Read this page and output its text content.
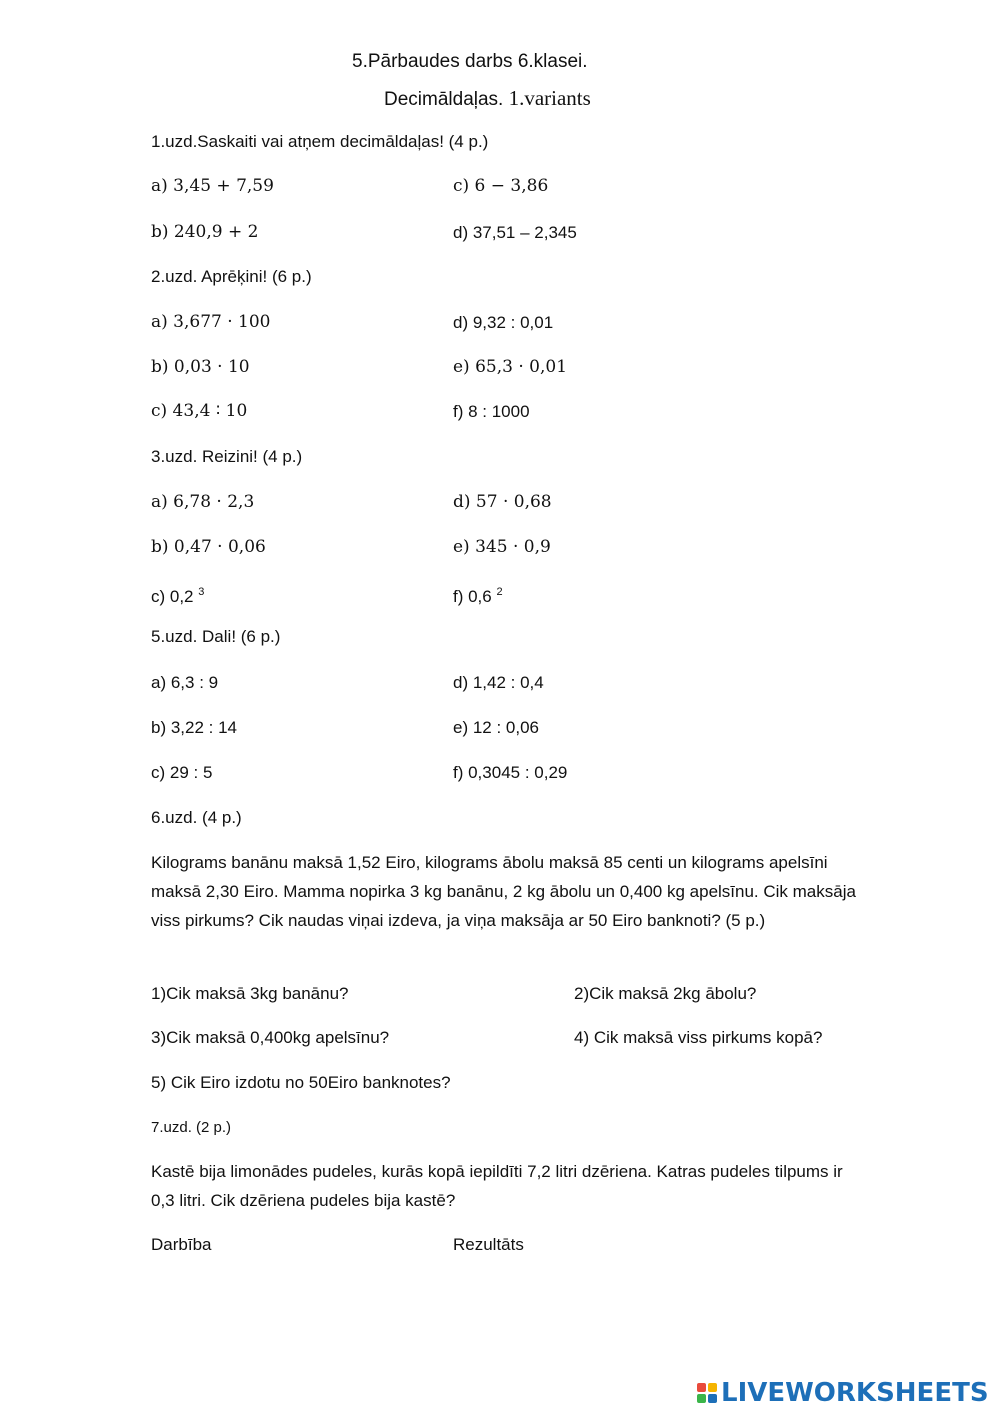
5.Pārbaudes darbs 6.klasei.
Decimāldaļas. 1.variants
1.uzd.Saskaiti vai atņem decimāldaļas! (4 p.)
a) 3,45 + 7,59	c) 6 − 3,86
b) 240,9 + 2	d) 37,51 – 2,345
2.uzd. Aprēķini! (6 p.)
a) 3,677 · 100	d) 9,32 : 0,01
b) 0,03 · 10	e) 65,3 · 0,01
c) 43,4 ∶ 10	f) 8 : 1000
3.uzd. Reizini! (4 p.)
a) 6,78 · 2,3	d) 57 · 0,68
b) 0,47 · 0,06	e) 345 · 0,9
c) 0,2 $^3$	f) 0,6 $^2$
5.uzd. Dali! (6 p.)
a) 6,3 : 9	d) 1,42 : 0,4
b) 3,22 : 14	e) 12 : 0,06
c) 29 : 5	f) 0,3045 : 0,29
6.uzd. (4 p.)
Kilograms banānu maksā 1,52 Eiro, kilograms ābolu maksā 85 centi un kilograms apelsīni maksā 2,30 Eiro. Mamma nopirka 3 kg banānu, 2 kg ābolu un 0,400 kg apelsīnu. Cik maksāja viss pirkums? Cik naudas viņai izdeva, ja viņa maksāja ar 50 Eiro banknoti? (5 p.)
1)Cik maksā 3kg banānu?	2)Cik maksā 2kg ābolu?
3)Cik maksā 0,400kg apelsīnu?	4) Cik maksā viss pirkums kopā?
5) Cik Eiro izdotu no 50Eiro banknotes?
7.uzd. (2 p.)
Kastē bija limonādes pudeles, kurās kopā iepildīti 7,2 litri dzēriena. Katras pudeles tilpums ir 0,3 litri. Cik dzēriena pudeles bija kastē?
Darbība	Rezultāts
LIVEWORKSHEETS
